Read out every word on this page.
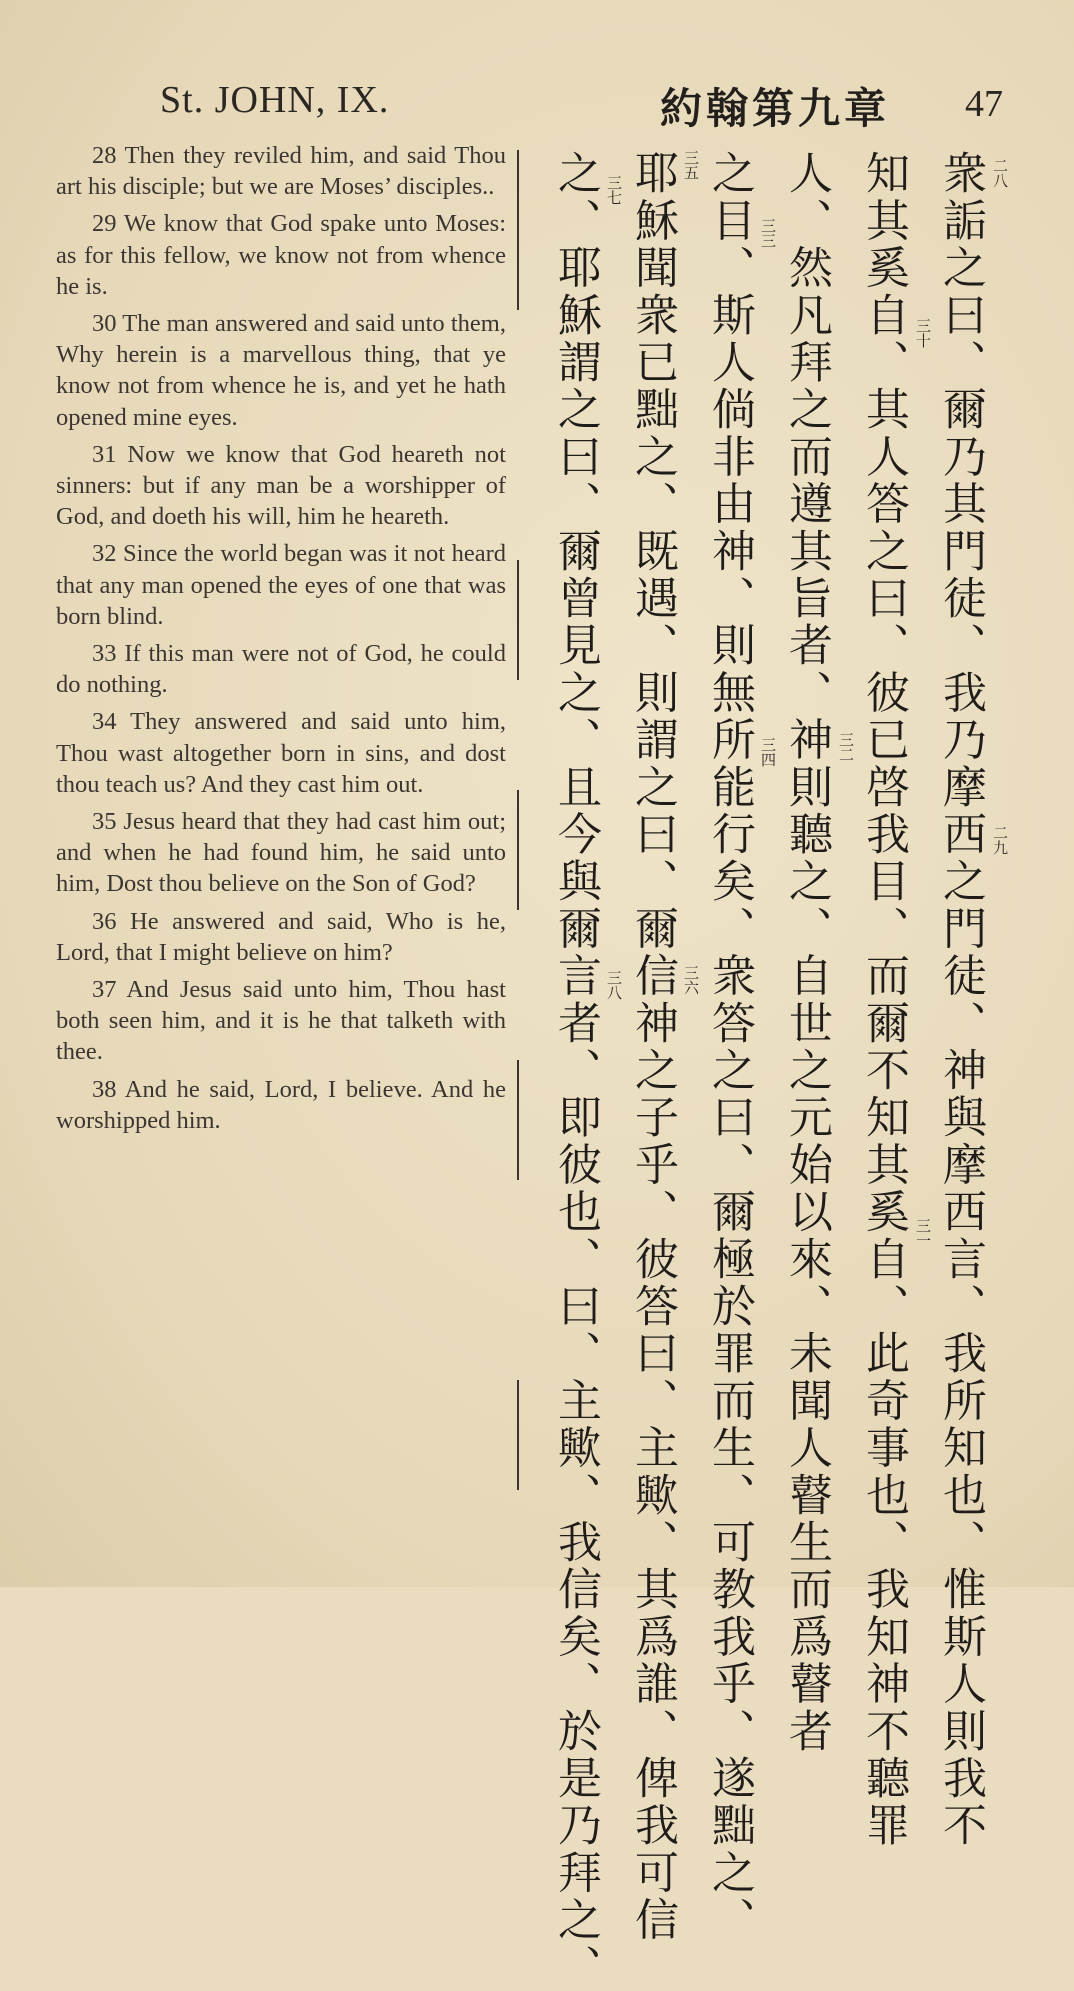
St. JOHN, IX.	約翰第九章 47

28 Then they reviled him, and said Thou art his disciple; but we are Moses’ disciples..

29 We know that God spake unto Moses: as for this fellow, we know not from whence he is.

30 The man answered and said unto them, Why herein is a marvellous thing, that ye know not from whence he is, and yet he hath opened mine eyes.

31 Now we know that God heareth not sinners: but if any man be a worshipper of God, and doeth his will, him he heareth.

32 Since the world began was it not heard that any man opened the eyes of one that was born blind.

33 If this man were not of God, he could do nothing.

34 They answered and said unto him, Thou wast altogether born in sins, and dost thou teach us? And they cast him out.

35 Jesus heard that they had cast him out; and when he had found him, he said unto him, Dost thou believe on the Son of God?

36 He answered and said, Who is he, Lord, that I might believe on him?

37 And Jesus said unto him, Thou hast both seen him, and it is he that talketh with thee.

38 And he said, Lord, I believe. And he worshipped him.	衆詬之曰、爾乃其門徒、我乃摩西之門徒、神與摩西言、我所知也、惟斯人則我不
知其奚自、其人答之曰、彼已啓我目、而爾不知其奚自、此奇事也、我知神不聽罪
人、然凡拜之而遵其旨者、神則聽之、自世之元始以來、未聞人瞽生而爲瞽者
之目、斯人倘非由神、則無所能行矣、衆答之曰、爾極於罪而生、可教我乎、遂黜之、
耶穌聞衆已黜之、既遇、則謂之曰、爾信神之子乎、彼答曰、主歟、其爲誰、俾我可信
之、耶穌謂之曰、爾曾見之、且今與爾言者、即彼也、曰、主歟、我信矣、於是乃拜之、	二八
二九
三十
三一
三二
三三
三四
三五
三六
三七
三八
